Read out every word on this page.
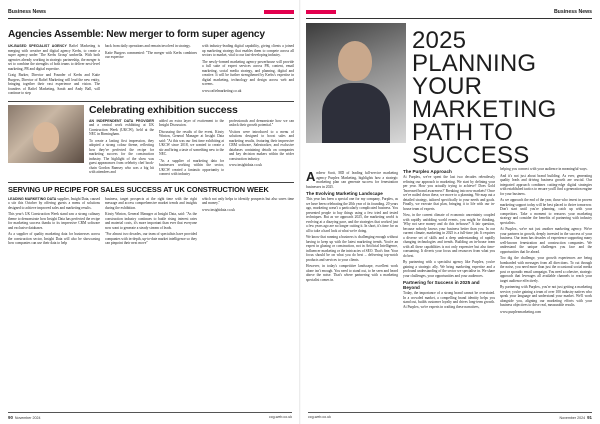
Business News
Agencies Assemble: New merger to form super agency

UK-BASED SPECIALIST AGENCY Rafiel Marketing is merging with creative and digital agency Kerbs, to create a super agency under 'The Kerbs Group' umbrella. With both agencies already working in strategic partnership, the merger is set to combine the strengths of both teams to deliver next-level marketing, PR and digital expertise.

Craig Barker, Director and Founder of Kerbs and Katie Burgess, Director of Rafiel Marketing will lead the new entity, bringing together their vast experience and vision. The founders of Rafiel Marketing, Sarah and Andy Ball, will continue to step

back from daily operations and remain involved in strategy.

Katie Burgess commented: "The merger with Kerbs combines our expertise

with industry-leading digital capability, giving clients a joined up marketing strategy that enables them to compete across all sectors to market, vital to our fast-developing industry.

The newly-formed marketing agency powerhouse will provide a full suite of expert services across PR, content, email marketing, social media strategy, and planning, digital and creative. It will be further strengthened by Kerbs's expertise in digital marketing, technology and design across web and screens.

www.rafielmarketing.co.uk

Celebrating exhibition success

AN INDEPENDENT DATA PROVIDER and a central work exhibiting at UK Construction Week (UKCW), held at the NEC in Birmingham.

To create a lasting first impression, they adopted a strong colour theme, reflecting how they've perfected the recipe for marketing success for the construction industry. The highlight of the show was guest appearances from celebrity chef book-chain Gordon Ramsey who was a big hit with attendees and

added an extra layer of excitement to the Insight Discussion.

Discussing the results of the event, Kirsty Winton, General Manager at Insight Data said: "At this was our first time exhibiting at UKCW since 2018, we wanted to create a stir and bring a taste of something new to the NEC.

"As a supplier of marketing data for businesses working within the sector, UKCW created a fantastic opportunity to connect with industry

professionals and demonstrate how we can unlock their growth potential."

Visitors were introduced to a menu of solutions designed to boost sales and marketing results, featuring their impressive CRM software, Salestracker, and exclusive databases containing details on companies and key decision makers within the wider construction industry.

www.insightdata.co.uk

SERVING UP RECIPE FOR SALES SUCCESS AT UK CONSTRUCTION WEEK

LEADING MARKETING DATA supplier, Insight Data, caused a stir this October by offering guests a menu of solutions designed to achieve improved sales and marketing results.

This year's UK Construction Week stand saw a strong culinary theme to demonstrate how Insight Data has perfected the recipe for marketing success thanks to its impressive CRM software and exclusive databases.

As a supplier of quality marketing data for businesses across the construction sector, Insight Data will also be showcasing how companies can use their data to help

business, target prospects at the right time with the right message and access comprehensive market trends and insights during the exhibition.

Kirsty Winton, General Manager at Insight Data, said: "As the construction industry continues to battle rising interest rates and material costs, it's more important than ever that everyone now want to generate a steady stream of leads.

"For almost two decades, our team of specialists have provided companies with in-depth, up-to-date market intelligence so they can pinpoint their next move"

which not only helps to identify prospects but also saves time and money."

www.insightdata.co.uk

90 November 2024	ccg-web.co.uk
Business News
2025 PLANNING YOUR MARKETING PATH TO SUCCESS

Andrew Scott, MD of leading full-service marketing agency Purplex Marketing, highlights how a strategic marketing plan can generate success for fenestration businesses in 2025.

The Evolving Marketing Landscape

This year has been a special one for my company, Purplex, as we have been celebrating the 20th year of its founding. 20 years ago, marketing wasn't a particularly complicated business. You presented people to buy things using a few tried and tested techniques. But as we approach 2025, the marketing world is evolving at a dizzying pace, and the strategies that worked just a few years ago are no longer cutting it. In short, it's time for us all to take a hard look at what we're doing.

We know that running a business is challenging enough without having to keep up with the latest marketing trends. You're an expert in glazing or construction, not in Artificial Intelligence, influencer marketing or the intricacies of SEO. That's fine. Your focus should be on what you do best – delivering top-notch products and services to your clients.

However, in today's competitive landscape, excellent work alone isn't enough. You need to stand out, to be seen and heard above the noise. That's where partnering with a marketing specialist comes in.

The Purplex Approach

At Purplex, we've spent the last two decades relentlessly refining our approach to marketing. We start by defining your per year. How you actually trying to achieve? Does Gold 'Increased brand awareness?' Breaking into new markets? Once we've nailed down these, we move to a planning. We map out a detailed strategy, tailored specifically to your needs and goals. Finally, we execute that plan, bringing it to life with our in-house team of experts.

Now, in the current climate of economic uncertainty coupled with rapidly unfolding world events, you might be thinking, 'Why not save money and do this in-house?' A fair question, because nobody knows your business better than you. In our current climate, marketing in 2025 is a full-time job. It requires a diverse set of skills and a deep understanding of rapidly changing technologies and trends. Building an in-house team with all these capabilities is not only expensive but also time-consuming. It diverts your focus and resources from what you do best.

By partnering with a specialist agency like Purplex, you're gaining a strategic ally. We bring marketing expertise and a profound understanding of the sector we specialise in. We share your challenges, your opportunities and your audiences.

Partnering for Success in 2025 and Beyond

Today, the importance of a strong brand cannot be overstated. In a crowded market, a compelling brand identity helps you stand out, builds customer loyalty and drives long-term growth. At Purplex, we're experts in crafting these narratives,

helping you connect with your audience in meaningful ways.

And it's not just about brand building. As ever, generating quality leads and driving business growth are crucial. Our integrated approach combines cutting-edge digital strategies with established tactics to ensure you'll find a generation engine for your business.

As we approach the end of the year, those who invest in proven marketing support today will be best placed to thrive tomorrow. Don't start until you're planning, catch up with your competitors. Take a moment to reassess your marketing strategy and consider the benefits of partnering with industry specialists.

At Purplex, we're not just another marketing agency. We're your partners in growth, deeply invested in the success of your business. Our team has decades of experience supporting many well-known fenestration and construction companies. We understand the unique challenges you face and the opportunities that lie ahead.

Too dig the challenge, your growth experiences are being bombarded with messages from all directions. To cut through the noise, you need more than just the occasional social media post or sporadic email campaign. You need a cohesive, strategic approach that leverages all available channels to reach your target audience effectively.

By partnering with Purplex, you're not just getting a marketing service; you're gaining a team of over 100 industry natives who speak your language and understand your market. We'll work alongside you, aligning our marketing efforts with your business objectives to drive real, measurable results.

www.purplexmarketing.com

ccg-web.co.uk	November 2024 91
